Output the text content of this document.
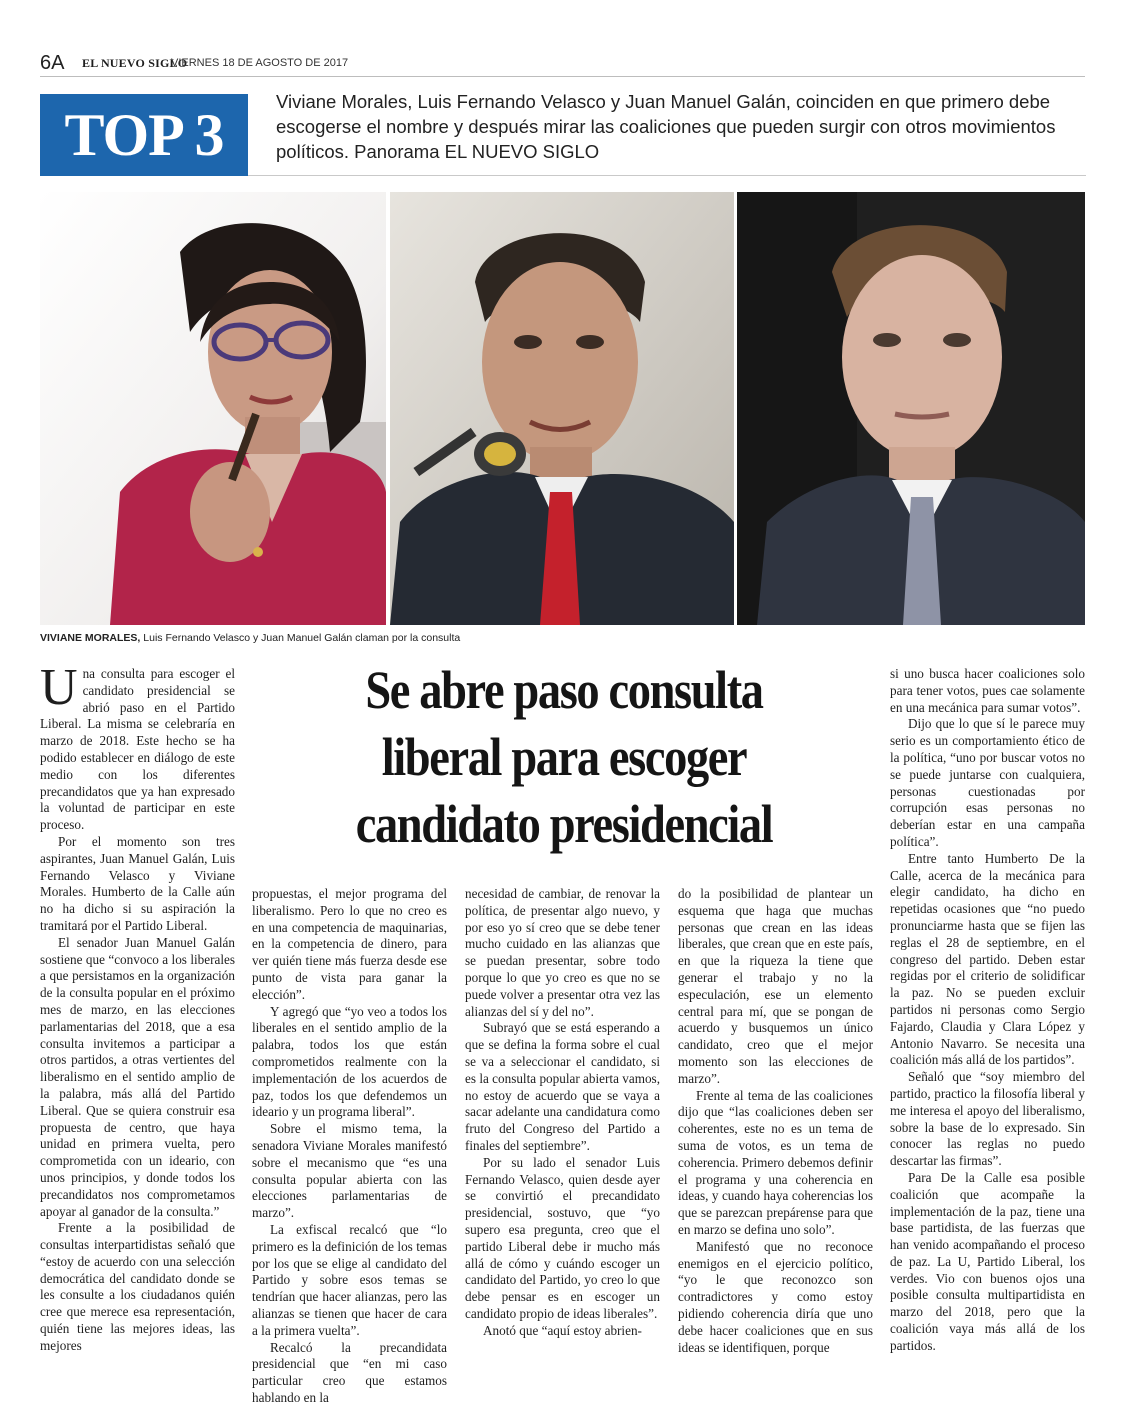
6A EL NUEVO SIGLO
VIERNES 18 DE AGOSTO DE 2017
TOP 3
Viviane Morales, Luis Fernando Velasco y Juan Manuel Galán, coinciden en que primero debe escogerse el nombre y después mirar las coaliciones que pueden surgir con otros movimientos políticos. Panorama EL NUEVO SIGLO
VIVIANE MORALES, Luis Fernando Velasco y Juan Manuel Galán claman por la consulta
Se abre paso consulta liberal para escoger candidato presidencial

Una consulta para escoger el candidato presidencial se abrió paso en el Partido Liberal. La misma se celebraría en marzo de 2018. Este hecho se ha podido establecer en diálogo de este medio con los diferentes precandidatos que ya han expresado la voluntad de participar en este proceso.

Por el momento son tres aspirantes, Juan Manuel Galán, Luis Fernando Velasco y Viviane Morales. Humberto de la Calle aún no ha dicho si su aspiración la tramitará por el Partido Liberal.

El senador Juan Manuel Galán sostiene que “convoco a los liberales a que persistamos en la organización de la consulta popular en el próximo mes de marzo, en las elecciones parlamentarias del 2018, que a esa consulta invitemos a participar a otros partidos, a otras vertientes del liberalismo en el sentido amplio de la palabra, más allá del Partido Liberal. Que se quiera construir esa propuesta de centro, que haya unidad en primera vuelta, pero comprometida con un ideario, con unos principios, y donde todos los precandidatos nos comprometamos apoyar al ganador de la consulta.”

Frente a la posibilidad de consultas interpartidistas señaló que “estoy de acuerdo con una selección democrática del candidato donde se les consulte a los ciudadanos quién cree que merece esa representación, quién tiene las mejores ideas, las mejores

propuestas, el mejor programa del liberalismo. Pero lo que no creo es en una competencia de maquinarias, en la competencia de dinero, para ver quién tiene más fuerza desde ese punto de vista para ganar la elección”.

Y agregó que “yo veo a todos los liberales en el sentido amplio de la palabra, todos los que están comprometidos realmente con la implementación de los acuerdos de paz, todos los que defendemos un ideario y un programa liberal”.

Sobre el mismo tema, la senadora Viviane Morales manifestó sobre el mecanismo que “es una consulta popular abierta con las elecciones parlamentarias de marzo”.

La exfiscal recalcó que “lo primero es la definición de los temas por los que se elige al candidato del Partido y sobre esos temas se tendrían que hacer alianzas, pero las alianzas se tienen que hacer de cara a la primera vuelta”.

Recalcó la precandidata presidencial que “en mi caso particular creo que estamos hablando en la

necesidad de cambiar, de renovar la política, de presentar algo nuevo, y por eso yo sí creo que se debe tener mucho cuidado en las alianzas que se puedan presentar, sobre todo porque lo que yo creo es que no se puede volver a presentar otra vez las alianzas del sí y del no”.

Subrayó que se está esperando a que se defina la forma sobre el cual se va a seleccionar el candidato, si es la consulta popular abierta vamos, no estoy de acuerdo que se vaya a sacar adelante una candidatura como fruto del Congreso del Partido a finales del septiembre”.

Por su lado el senador Luis Fernando Velasco, quien desde ayer se convirtió el precandidato presidencial, sostuvo, que “yo supero esa pregunta, creo que el partido Liberal debe ir mucho más allá de cómo y cuándo escoger un candidato del Partido, yo creo lo que debe pensar es en escoger un candidato propio de ideas liberales”.

Anotó que “aquí estoy abrien-

do la posibilidad de plantear un esquema que haga que muchas personas que crean en las ideas liberales, que crean que en este país, en que la riqueza la tiene que generar el trabajo y no la especulación, ese un elemento central para mí, que se pongan de acuerdo y busquemos un único candidato, creo que el mejor momento son las elecciones de marzo”.

Frente al tema de las coaliciones dijo que “las coaliciones deben ser coherentes, este no es un tema de suma de votos, es un tema de coherencia. Primero debemos definir el programa y una coherencia en ideas, y cuando haya coherencias los que se parezcan prepárense para que en marzo se defina uno solo”.

Manifestó que no reconoce enemigos en el ejercicio político, “yo le que reconozco son contradictores y como estoy pidiendo coherencia diría que uno debe hacer coaliciones que en sus ideas se identifiquen, porque

si uno busca hacer coaliciones solo para tener votos, pues cae solamente en una mecánica para sumar votos”.

Dijo que lo que sí le parece muy serio es un comportamiento ético de la política, “uno por buscar votos no se puede juntarse con cualquiera, personas cuestionadas por corrupción esas personas no deberían estar en una campaña política”.

Entre tanto Humberto De la Calle, acerca de la mecánica para elegir candidato, ha dicho en repetidas ocasiones que “no puedo pronunciarme hasta que se fijen las reglas el 28 de septiembre, en el congreso del partido. Deben estar regidas por el criterio de solidificar la paz. No se pueden excluir partidos ni personas como Sergio Fajardo, Claudia y Clara López y Antonio Navarro. Se necesita una coalición más allá de los partidos”.

Señaló que “soy miembro del partido, practico la filosofía liberal y me interesa el apoyo del liberalismo, sobre la base de lo expresado. Sin conocer las reglas no puedo descartar las firmas”.

Para De la Calle esa posible coalición que acompañe la implementación de la paz, tiene una base partidista, de las fuerzas que han venido acompañando el proceso de paz. La U, Partido Liberal, los verdes. Vio con buenos ojos una posible consulta multipartidista en marzo del 2018, pero que la coalición vaya más allá de los partidos.
